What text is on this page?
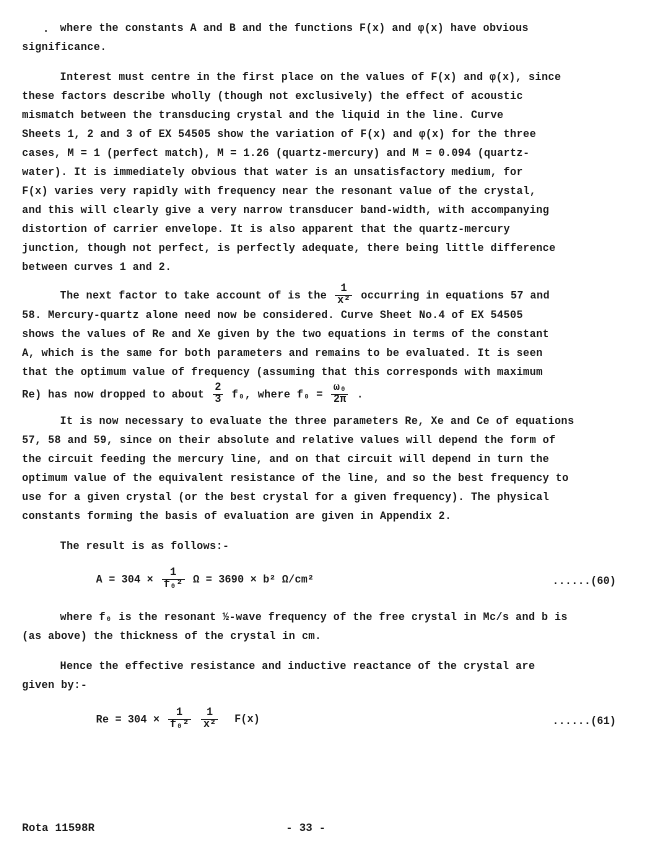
where the constants A and B and the functions F(x) and φ(x) have obvious
significance.
Interest must centre in the first place on the values of F(x) and φ(x), since
these factors describe wholly (though not exclusively) the effect of acoustic
mismatch between the transducing crystal and the liquid in the line. Curve
Sheets 1, 2 and 3 of EX 54505 show the variation of F(x) and φ(x) for the three
cases, M = 1 (perfect match), M = 1.26 (quartz-mercury) and M = 0.094 (quartz-
water). It is immediately obvious that water is an unsatisfactory medium, for
F(x) varies very rapidly with frequency near the resonant value of the crystal,
and this will clearly give a very narrow transducer band-width, with accompanying
distortion of carrier envelope. It is also apparent that the quartz-mercury
junction, though not perfect, is perfectly adequate, there being little difference
between curves 1 and 2.
The next factor to take account of is the $\frac{1}{\text{x²}}$ occurring in equations 57 and
58. Mercury-quartz alone need now be considered. Curve Sheet No.4 of EX 54505
shows the values of Re and Xe given by the two equations in terms of the constant
A, which is the same for both parameters and remains to be evaluated. It is seen
that the optimum value of frequency (assuming that this corresponds with maximum
Re) has now dropped to about $\frac{2}{3} f_0$, where $f_0 = \frac{\text{ω₀}}{2\pi}$ .
It is now necessary to evaluate the three parameters Re, Xe and Ce of equations
57, 58 and 59, since on their absolute and relative values will depend the form of
the circuit feeding the mercury line, and on that circuit will depend in turn the
optimum value of the equivalent resistance of the line, and so the best frequency to
use for a given crystal (or the best crystal for a given frequency). The physical
constants forming the basis of evaluation are given in Appendix 2.
The result is as follows:-
$A = 304 \times \frac{1}{\text{f₀²}}$ Ω = 3690 × b² Ω/cm²	......(60)
where f₀ is the resonant ½-wave frequency of the free crystal in Mc/s and b is
(as above) the thickness of the crystal in cm.
Hence the effective resistance and inductive reactance of the crystal are
given by:-
$Re = 304 \times \frac{1}{\text{f₀²}}$
$\frac{1}{\text{x²}} F(x)$	......(61)
Rota 11598R	- 33 -
